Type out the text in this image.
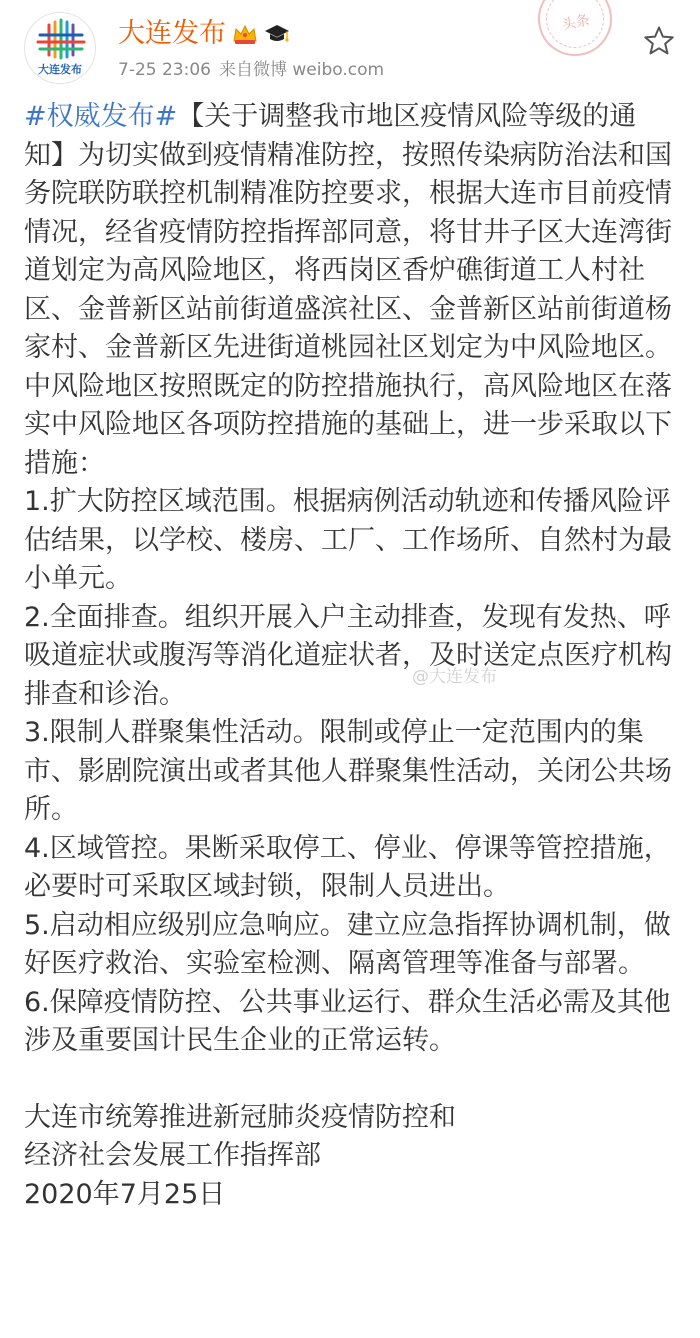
大连发布
大连发布
7-25 23:06 来自微博 weibo.com
头条
#权威发布#【关于调整我市地区疫情风险等级的通知】为切实做到疫情精准防控，按照传染病防治法和国务院联防联控机制精准防控要求，根据大连市目前疫情情况，经省疫情防控指挥部同意，将甘井子区大连湾街道划定为高风险地区，将西岗区香炉礁街道工人村社区、金普新区站前街道盛滨社区、金普新区站前街道杨家村、金普新区先进街道桃园社区划定为中风险地区。中风险地区按照既定的防控措施执行，高风险地区在落实中风险地区各项防控措施的基础上，进一步采取以下措施：

1.扩大防控区域范围。根据病例活动轨迹和传播风险评估结果，以学校、楼房、工厂、工作场所、自然村为最小单元。
2.全面排查。组织开展入户主动排查，发现有发热、呼吸道症状或腹泻等消化道症状者，及时送定点医疗机构排查和诊治。
3.限制人群聚集性活动。限制或停止一定范围内的集市、影剧院演出或者其他人群聚集性活动，关闭公共场所。
4.区域管控。果断采取停工、停业、停课等管控措施，必要时可采取区域封锁，限制人员进出。
5.启动相应级别应急响应。建立应急指挥协调机制，做好医疗救治、实验室检测、隔离管理等准备与部署。
6.保障疫情防控、公共事业运行、群众生活必需及其他涉及重要国计民生企业的正常运转。
大连市统筹推进新冠肺炎疫情防控和
经济社会发展工作指挥部
2020年7月25日
@大连发布
